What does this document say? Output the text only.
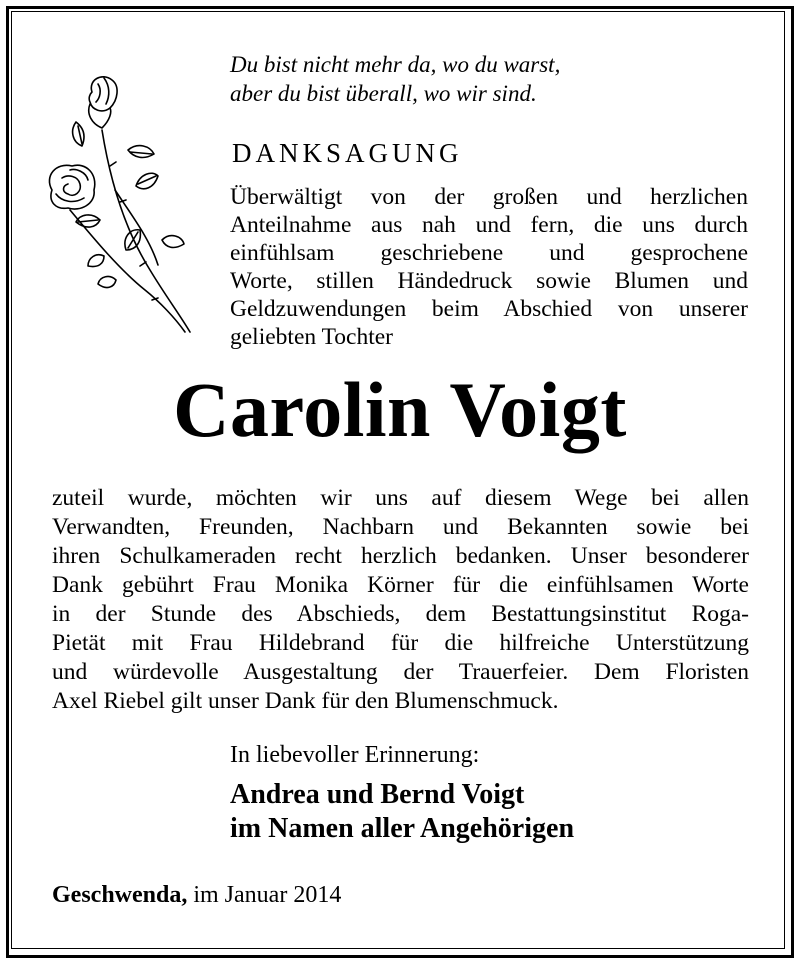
Du bist nicht mehr da, wo du warst,
aber du bist überall, wo wir sind.
DANKSAGUNG
Überwältigt von der großen und herzlichen
Anteilnahme aus nah und fern, die uns durch
einfühlsam geschriebene und gesprochene
Worte, stillen Händedruck sowie Blumen und
Geldzuwendungen beim Abschied von unserer
geliebten Tochter
Carolin Voigt
zuteil wurde, möchten wir uns auf diesem Wege bei allen
Verwandten, Freunden, Nachbarn und Bekannten sowie bei
ihren Schulkameraden recht herzlich bedanken. Unser besonderer
Dank gebührt Frau Monika Körner für die einfühlsamen Worte
in der Stunde des Abschieds, dem Bestattungsinstitut Roga-
Pietät mit Frau Hildebrand für die hilfreiche Unterstützung
und würdevolle Ausgestaltung der Trauerfeier. Dem Floristen
Axel Riebel gilt unser Dank für den Blumenschmuck.
In liebevoller Erinnerung:
Andrea und Bernd Voigt
im Namen aller Angehörigen
Geschwenda, im Januar 2014
